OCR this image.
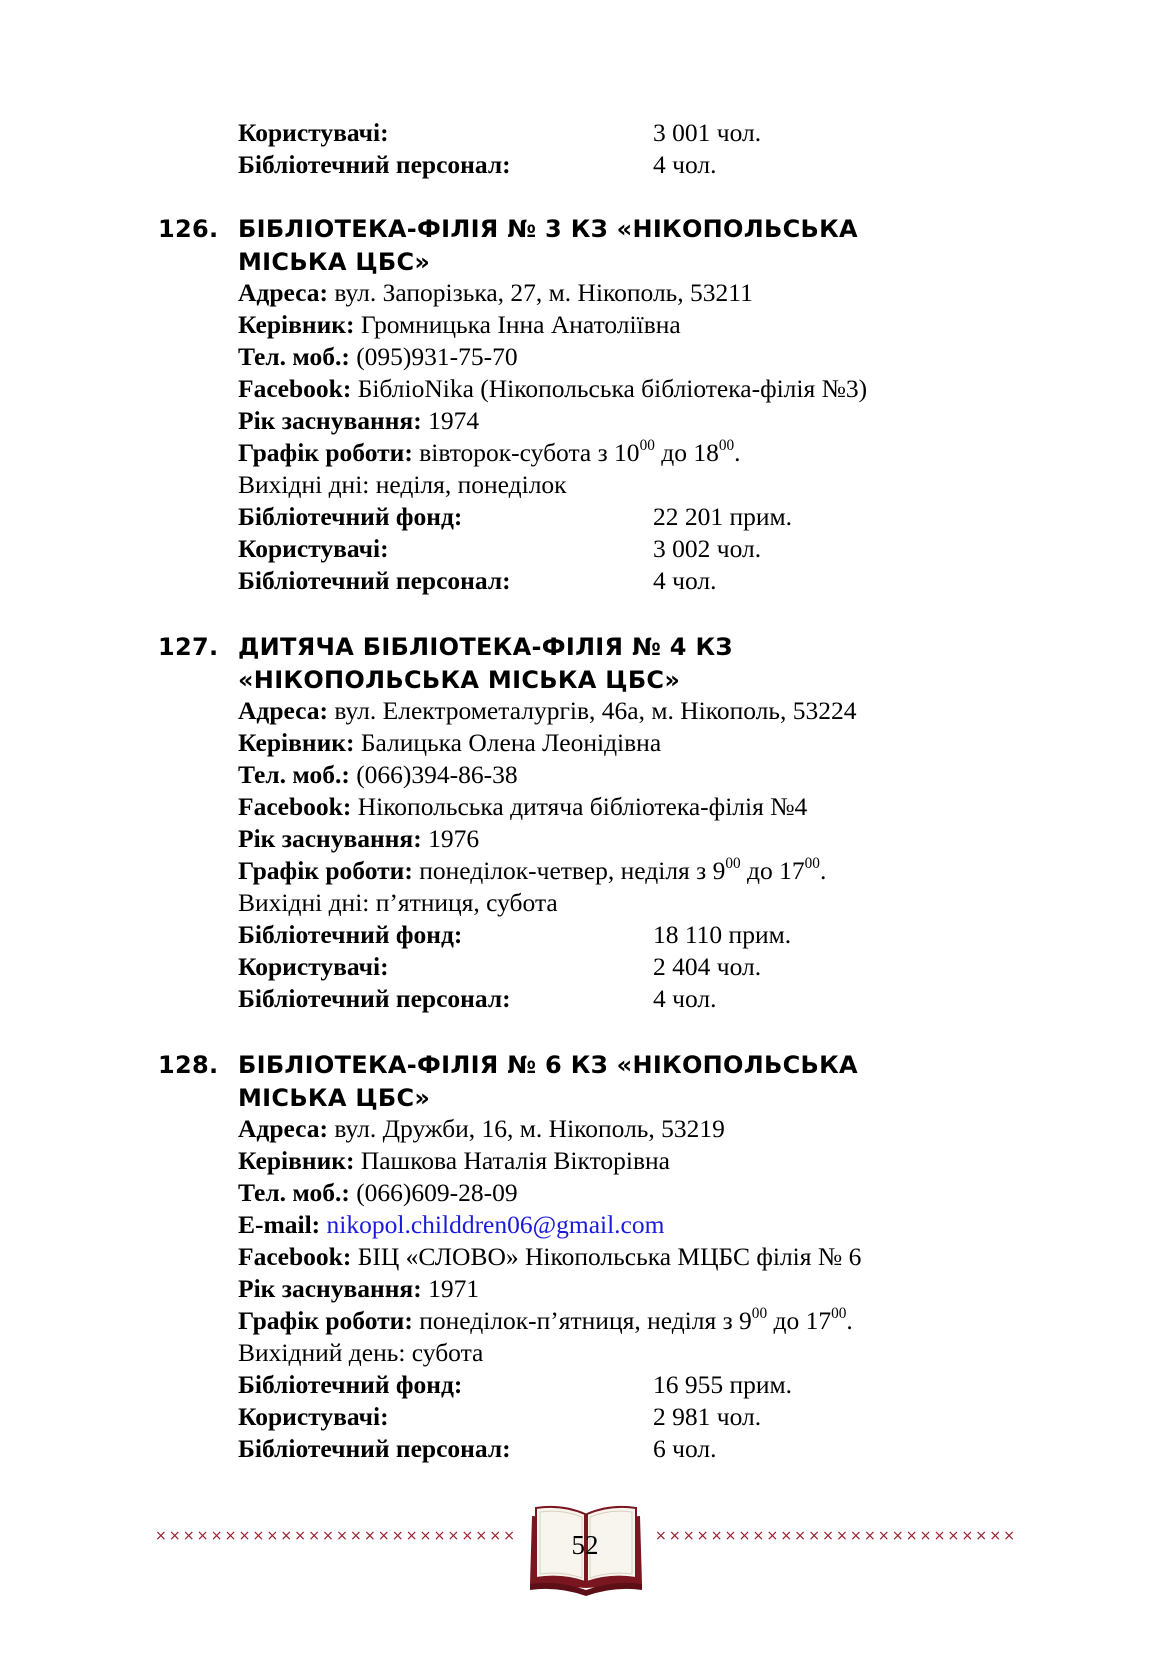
Користувачі:	3 001 чол.
Бібліотечний персонал:	4 чол.
126. БІБЛІОТЕКА-ФІЛІЯ № 3 КЗ «НІКОПОЛЬСЬКА
МІСЬКА ЦБС»
Адреса: вул. Запорізька, 27, м. Нікополь, 53211
Керівник: Громницька Інна Анатоліївна
Тел. моб.: (095)931-75-70
Facebook: БібліоNika (Нікопольська бібліотека-філія №3)
Рік заснування: 1974
Графік роботи: вівторок-субота з $10^{00}$ до $18^{00}$.
Вихідні дні: неділя, понеділок
Бібліотечний фонд:	22 201 прим.
Користувачі:	3 002 чол.
Бібліотечний персонал:	4 чол.
127. ДИТЯЧА БІБЛІОТЕКА-ФІЛІЯ № 4 КЗ
«НІКОПОЛЬСЬКА МІСЬКА ЦБС»
Адреса: вул. Електрометалургів, 46а, м. Нікополь, 53224
Керівник: Балицька Олена Леонідівна
Тел. моб.: (066)394-86-38
Facebook: Нікопольська дитяча бібліотека-філія №4
Рік заснування: 1976
Графік роботи: понеділок-четвер, неділя з $9^{00}$ до $17^{00}$.
Вихідні дні: п’ятниця, субота
Бібліотечний фонд:	18 110 прим.
Користувачі:	2 404 чол.
Бібліотечний персонал:	4 чол.
128. БІБЛІОТЕКА-ФІЛІЯ № 6 КЗ «НІКОПОЛЬСЬКА
МІСЬКА ЦБС»
Адреса: вул. Дружби, 16, м. Нікополь, 53219
Керівник: Пашкова Наталія Вікторівна
Тел. моб.: (066)609-28-09
E-mail: nikopol.childdren06@gmail.com
Facebook: БІЦ «СЛОВО» Нікопольська МЦБС філія № 6
Рік заснування: 1971
Графік роботи: понеділок-п’ятниця, неділя з $9^{00}$ до $17^{00}$.
Вихідний день: субота
Бібліотечний фонд:	16 955 прим.
Користувачі:	2 981 чол.
Бібліотечний персонал:	6 чол.
××××××××××××××××××××××××××	××××××××××××××××××××××××××
52
